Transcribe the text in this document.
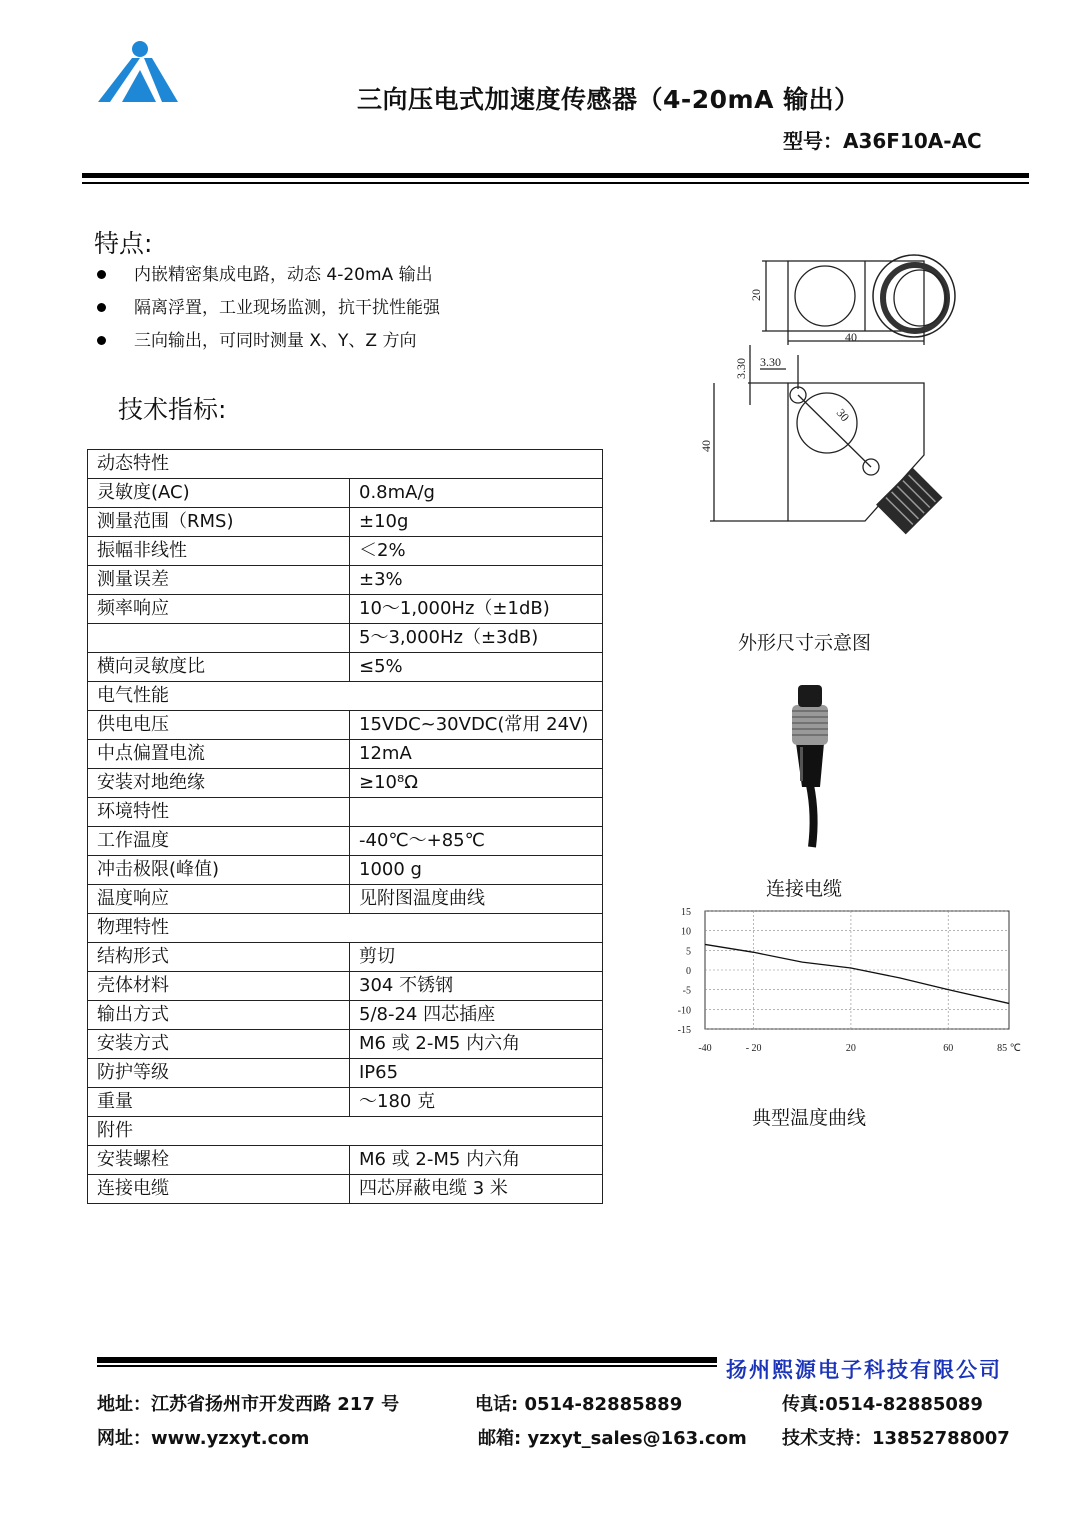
三向压电式加速度传感器（4-20mA 输出）
型号：A36F10A-AC
特点:
内嵌精密集成电路，动态 4-20mA 输出
隔离浮置，工业现场监测，抗干扰性能强
三向输出，可同时测量 X、Y、Z 方向
技术指标:
动态特性	
灵敏度(AC)	0.8mA/g
测量范围（RMS)	±10g
振幅非线性	＜2%
测量误差	±3%
频率响应	10～1,000Hz（±1dB)
	5～3,000Hz（±3dB)
横向灵敏度比	≤5%
电气性能	
供电电压	15VDC~30VDC(常用 24V)
中点偏置电流	12mA
安装对地绝缘	≥10⁸Ω
环境特性	
工作温度	-40℃～+85℃
冲击极限(峰值)	1000 g
温度响应	见附图温度曲线
物理特性	
结构形式	剪切
壳体材料	304 不锈钢
输出方式	5/8-24 四芯插座
安装方式	M6 或 2-M5 内六角
防护等级	IP65
重量	～180 克
附件	
安装螺栓	M6 或 2-M5 内六角
连接电缆	四芯屏蔽电缆 3 米
20
40
3.30 3.30
40
30
外形尺寸示意图
连接电缆
15
10
5
0
-5
-10
-15
-40	- 20	20	60	85 ℃
典型温度曲线
扬州熙源电子科技有限公司
地址：江苏省扬州市开发西路 217 号	电话: 0514-82885889	传真:0514-82885089
网址：www.yzxyt.com	邮箱: yzxyt_sales@163.com 技术支持：13852788007
